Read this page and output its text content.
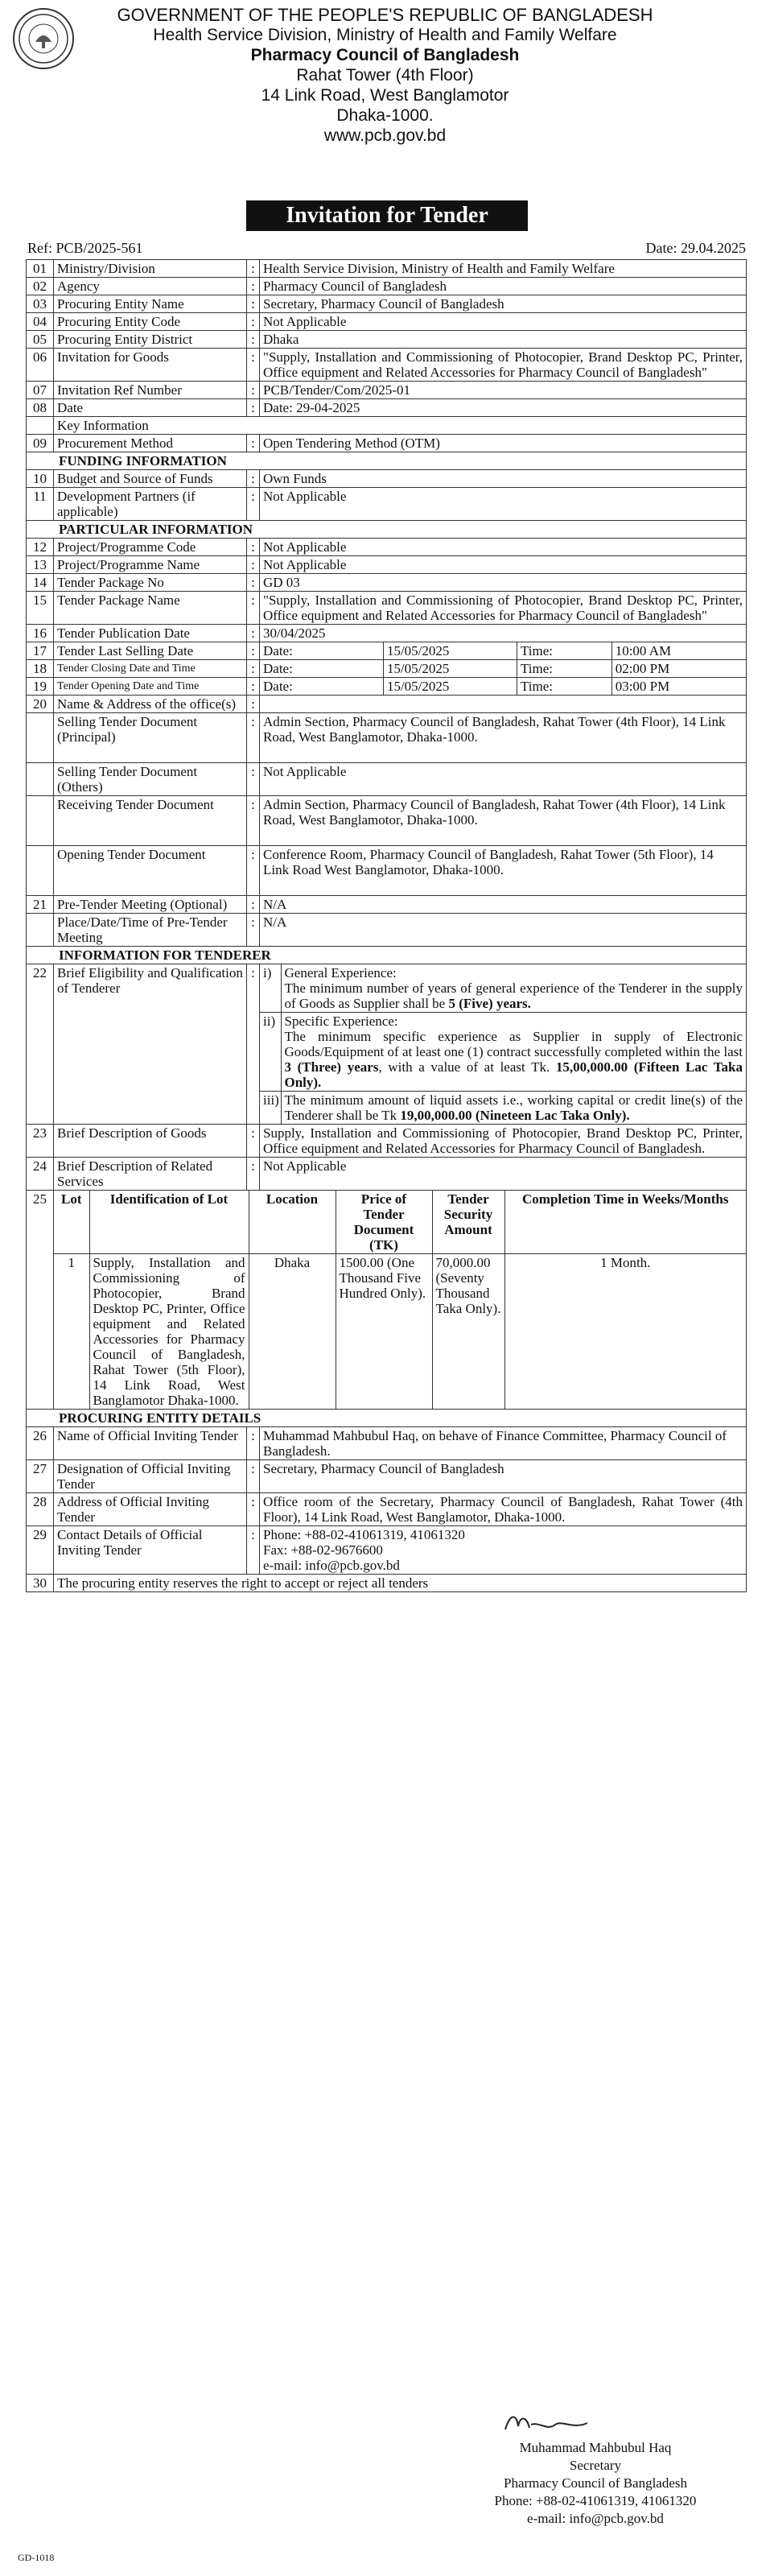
GOVERNMENT OF THE PEOPLE'S REPUBLIC OF BANGLADESH
Health Service Division, Ministry of Health and Family Welfare
Pharmacy Council of Bangladesh
Rahat Tower (4th Floor)
14 Link Road, West Banglamotor
Dhaka-1000.
www.pcb.gov.bd
Invitation for Tender
Ref: PCB/2025-561	Date: 29.04.2025
01	Ministry/Division	:	Health Service Division, Ministry of Health and Family Welfare
02	Agency	:	Pharmacy Council of Bangladesh
03	Procuring Entity Name	:	Secretary, Pharmacy Council of Bangladesh
04	Procuring Entity Code	:	Not Applicable
05	Procuring Entity District	:	Dhaka
06	Invitation for Goods	:	"Supply, Installation and Commissioning of Photocopier, Brand Desktop PC, Printer, Office equipment and Related Accessories for Pharmacy Council of Bangladesh"
07	Invitation Ref Number	:	PCB/Tender/Com/2025-01
08	Date	:	Date: 29-04-2025
	Key Information
09	Procurement Method	:	Open Tendering Method (OTM)
FUNDING INFORMATION
10	Budget and Source of Funds	:	Own Funds
11	Development Partners (if applicable)	:	Not Applicable
PARTICULAR INFORMATION
12	Project/Programme Code	:	Not Applicable
13	Project/Programme Name	:	Not Applicable
14	Tender Package No	:	GD 03
15	Tender Package Name	:	"Supply, Installation and Commissioning of Photocopier, Brand Desktop PC, Printer, Office equipment and Related Accessories for Pharmacy Council of Bangladesh"
16	Tender Publication Date	:	30/04/2025
17	Tender Last Selling Date	:	Date:	15/05/2025	Time:	10:00 AM

18	Tender Closing Date and Time	:	Date:	15/05/2025	Time:	02:00 PM

19	Tender Opening Date and Time	:	Date:	15/05/2025	Time:	03:00 PM

20	Name & Address of the office(s)	:	
	Selling Tender Document (Principal)	:	Admin Section, Pharmacy Council of Bangladesh, Rahat Tower (4th Floor), 14 Link Road, West Banglamotor, Dhaka-1000.
	Selling Tender Document (Others)	:	Not Applicable
	Receiving Tender Document	:	Admin Section, Pharmacy Council of Bangladesh, Rahat Tower (4th Floor), 14 Link Road, West Banglamotor, Dhaka-1000.
	Opening Tender Document	:	Conference Room, Pharmacy Council of Bangladesh, Rahat Tower (5th Floor), 14 Link Road West Banglamotor, Dhaka-1000.
21	Pre-Tender Meeting (Optional)	:	N/A
	Place/Date/Time of Pre-Tender Meeting	:	N/A
INFORMATION FOR TENDERER
22	Brief Eligibility and Qualification of Tenderer	:	i)	General Experience:
The minimum number of years of general experience of the Tenderer in the supply of Goods as Supplier shall be 5 (Five) years.
ii)	Specific Experience:
The minimum specific experience as Supplier in supply of Electronic Goods/Equipment of at least one (1) contract successfully completed within the last 3 (Three) years, with a value of at least Tk. 15,00,000.00 (Fifteen Lac Taka Only).
iii)	The minimum amount of liquid assets i.e., working capital or credit line(s) of the Tenderer shall be Tk 19,00,000.00 (Nineteen Lac Taka Only).

23	Brief Description of Goods	:	Supply, Installation and Commissioning of Photocopier, Brand Desktop PC, Printer, Office equipment and Related Accessories for Pharmacy Council of Bangladesh.
24	Brief Description of Related Services	:	Not Applicable
25	Lot	Identification of Lot	Location	Price of Tender Document (TK)	Tender Security Amount	Completion Time in Weeks/Months
1	Supply, Installation and Commissioning of Photocopier, Brand Desktop PC, Printer, Office equipment and Related Accessories for Pharmacy Council of Bangladesh, Rahat Tower (5th Floor), 14 Link Road, West Banglamotor Dhaka-1000.	Dhaka	1500.00 (One Thousand Five Hundred Only).	70,000.00 (Seventy Thousand Taka Only).	1 Month.

PROCURING ENTITY DETAILS
26	Name of Official Inviting Tender	:	Muhammad Mahbubul Haq, on behave of Finance Committee, Pharmacy Council of Bangladesh.
27	Designation of Official Inviting Tender	:	Secretary, Pharmacy Council of Bangladesh
28	Address of Official Inviting Tender	:	Office room of the Secretary, Pharmacy Council of Bangladesh, Rahat Tower (4th Floor), 14 Link Road, West Banglamotor, Dhaka-1000.
29	Contact Details of Official Inviting Tender	:	Phone: +88-02-41061319, 41061320
Fax: +88-02-9676600
e-mail: info@pcb.gov.bd

30	The procuring entity reserves the right to accept or reject all tenders
Muhammad Mahbubul Haq
Secretary
Pharmacy Council of Bangladesh
Phone: +88-02-41061319, 41061320
e-mail: info@pcb.gov.bd
GD-1018
